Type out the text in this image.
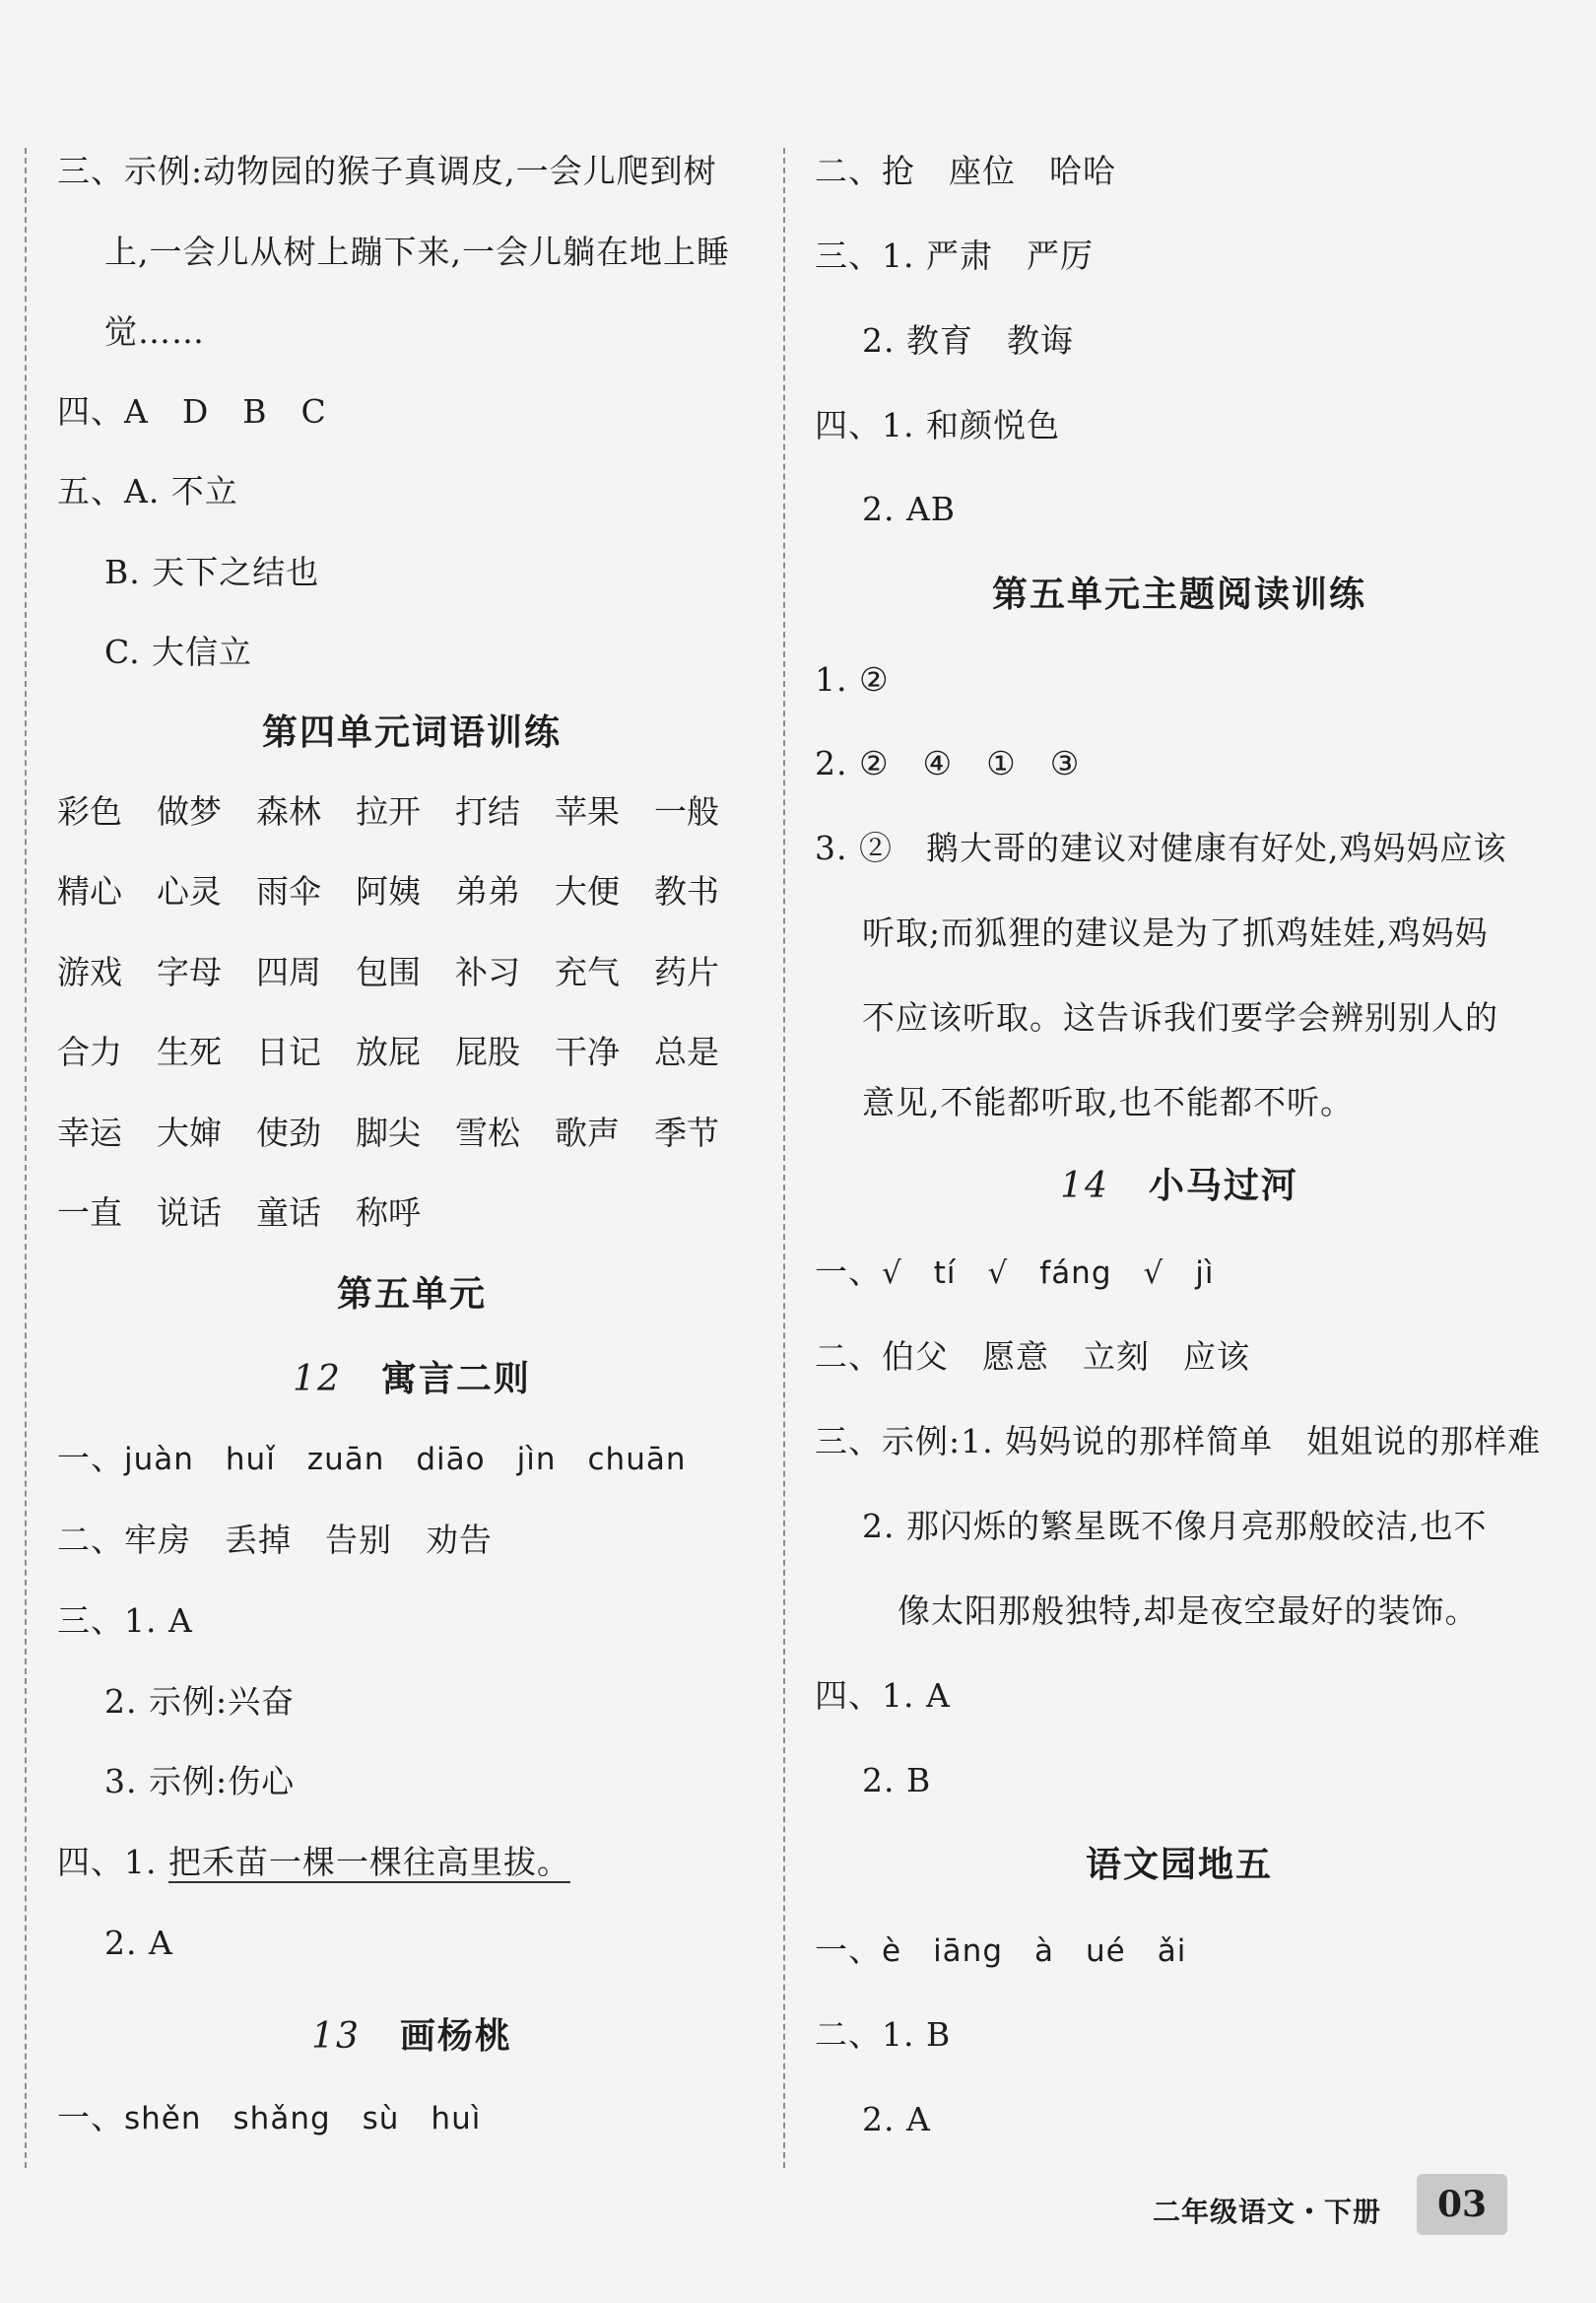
三、示例:动物园的猴子真调皮,一会儿爬到树
上,一会儿从树上蹦下来,一会儿躺在地上睡
觉……
四、A　D　B　C
五、A. 不立
B. 天下之结也
C. 大信立
第四单元词语训练
彩色 做梦 森林 拉开 打结 苹果 一般
精心 心灵 雨伞 阿姨 弟弟 大便 教书
游戏 字母 四周 包围 补习 充气 药片
合力 生死 日记 放屁 屁股 干净 总是
幸运 大婶 使劲 脚尖 雪松 歌声 季节
一直 说话 童话 称呼
第五单元
12 寓言二则
一、juàn　huǐ　zuān　diāo　jìn　chuān
二、牢房　丢掉　告别　劝告
三、1. A
2. 示例:兴奋
3. 示例:伤心
四、1. 把禾苗一棵一棵往高里拔。
2. A
13 画杨桃
一、shěn　shǎng　sù　huì
二、抢　座位　哈哈
三、1. 严肃　严厉
2. 教育　教诲
四、1. 和颜悦色
2. AB
第五单元主题阅读训练
1. ②
2. ②　④　①　③
3. ②　鹅大哥的建议对健康有好处,鸡妈妈应该
听取;而狐狸的建议是为了抓鸡娃娃,鸡妈妈
不应该听取。这告诉我们要学会辨别别人的
意见,不能都听取,也不能都不听。
14 小马过河
一、√　tí　√　fáng　√　jì
二、伯父　愿意　立刻　应该
三、示例:1. 妈妈说的那样简单　姐姐说的那样难
2. 那闪烁的繁星既不像月亮那般皎洁,也不
像太阳那般独特,却是夜空最好的装饰。
四、1. A
2. B
语文园地五
一、è　iāng　à　ué　ǎi
二、1. B
2. A
二年级语文・下册	03
